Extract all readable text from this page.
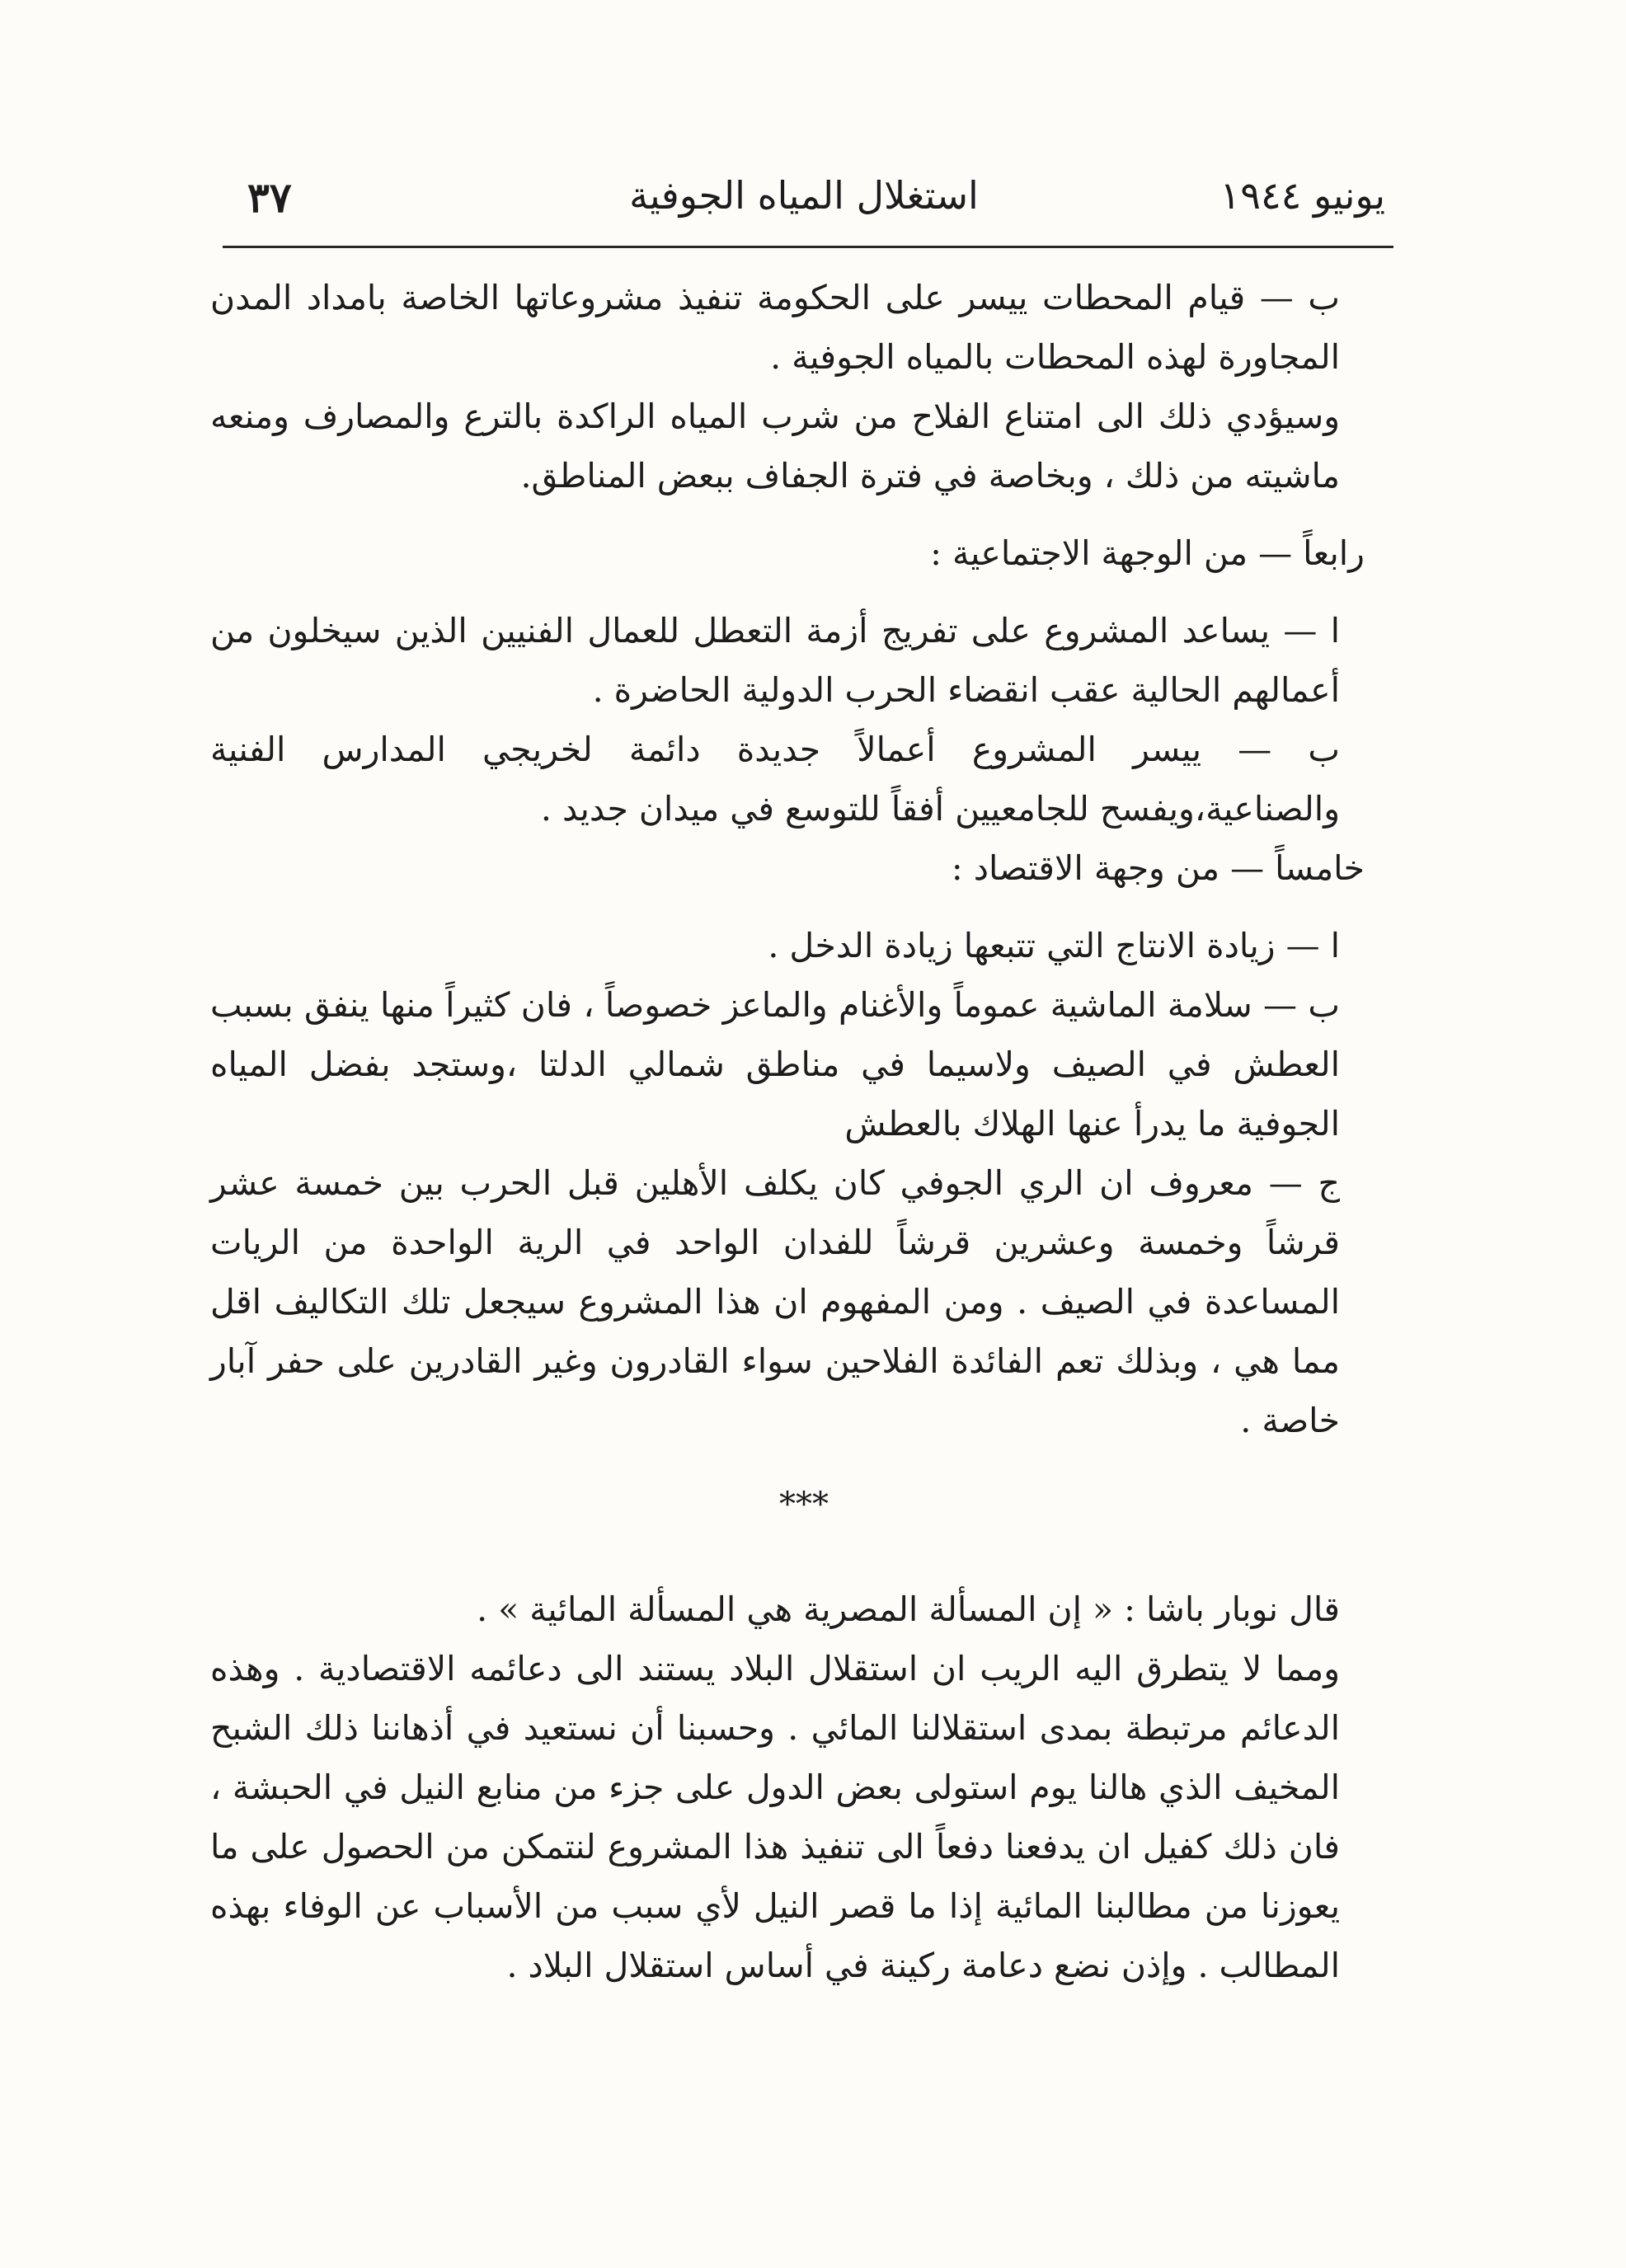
يونيو ١٩٤٤
استغلال المياه الجوفية
٣٧

ب — قيام المحطات ييسر على الحكومة تنفيذ مشروعاتها الخاصة بامداد المدن المجاورة لهذه المحطات بالمياه الجوفية .

وسيؤدي ذلك الى امتناع الفلاح من شرب المياه الراكدة بالترع والمصارف ومنعه ماشيته من ذلك ، وبخاصة في فترة الجفاف ببعض المناطق.

رابعاً — من الوجهة الاجتماعية :

ا — يساعد المشروع على تفريج أزمة التعطل للعمال الفنيين الذين سيخلون من أعمالهم الحالية عقب انقضاء الحرب الدولية الحاضرة .

ب — ييسر المشروع أعمالاً جديدة دائمة لخريجي المدارس الفنية والصناعية،ويفسح للجامعيين أفقاً للتوسع في ميدان جديد .

خامساً — من وجهة الاقتصاد :

ا — زيادة الانتاج التي تتبعها زيادة الدخل .

ب — سلامة الماشية عموماً والأغنام والماعز خصوصاً ، فان كثيراً منها ينفق بسبب العطش في الصيف ولاسيما في مناطق شمالي الدلتا ،وستجد بفضل المياه الجوفية ما يدرأ عنها الهلاك بالعطش

ج — معروف ان الري الجوفي كان يكلف الأهلين قبل الحرب بين خمسة عشر قرشاً وخمسة وعشرين قرشاً للفدان الواحد في الرية الواحدة من الريات المساعدة في الصيف . ومن المفهوم ان هذا المشروع سيجعل تلك التكاليف اقل مما هي ، وبذلك تعم الفائدة الفلاحين سواء القادرون وغير القادرين على حفر آبار خاصة .

***

قال نوبار باشا : « إن المسألة المصرية هي المسألة المائية » .

ومما لا يتطرق اليه الريب ان استقلال البلاد يستند الى دعائمه الاقتصادية . وهذه الدعائم مرتبطة بمدى استقلالنا المائي . وحسبنا أن نستعيد في أذهاننا ذلك الشبح المخيف الذي هالنا يوم استولى بعض الدول على جزء من منابع النيل في الحبشة ، فان ذلك كفيل ان يدفعنا دفعاً الى تنفيذ هذا المشروع لنتمكن من الحصول على ما يعوزنا من مطالبنا المائية إذا ما قصر النيل لأي سبب من الأسباب عن الوفاء بهذه المطالب . وإذن نضع دعامة ركينة في أساس استقلال البلاد .
